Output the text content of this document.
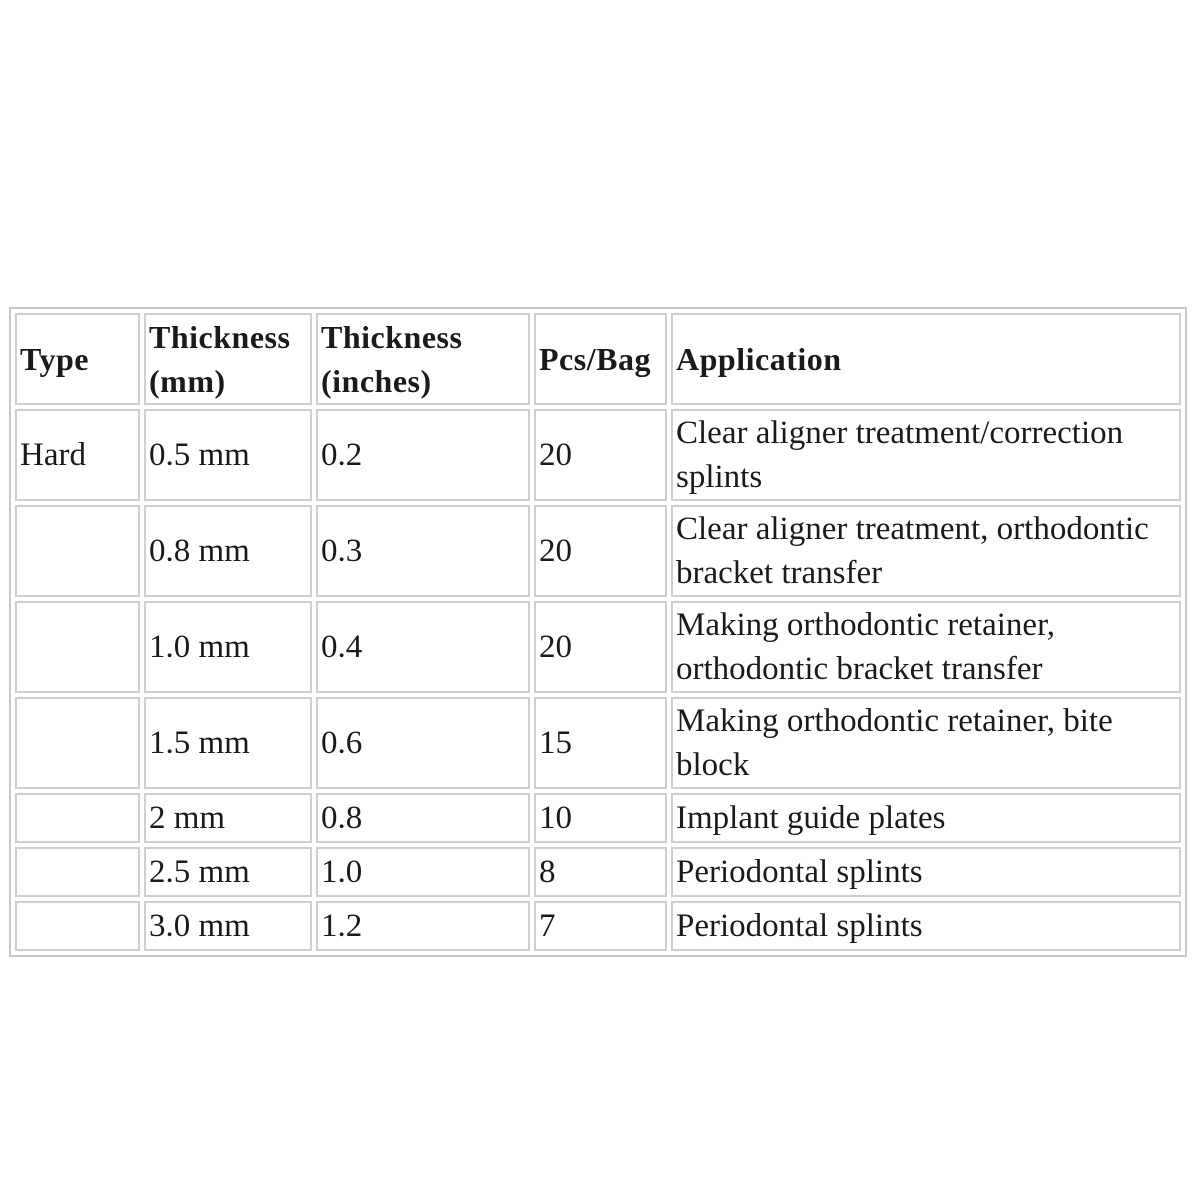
Type	Thickness (mm)	Thickness (inches)	Pcs/Bag	Application
Hard	0.5 mm	0.2	20	Clear aligner treatment/correction splints
	0.8 mm	0.3	20	Clear aligner treatment, orthodontic bracket transfer
	1.0 mm	0.4	20	Making orthodontic retainer, orthodontic bracket transfer
	1.5 mm	0.6	15	Making orthodontic retainer, bite block
	2 mm	0.8	10	Implant guide plates
	2.5 mm	1.0	8	Periodontal splints
	3.0 mm	1.2	7	Periodontal splints
